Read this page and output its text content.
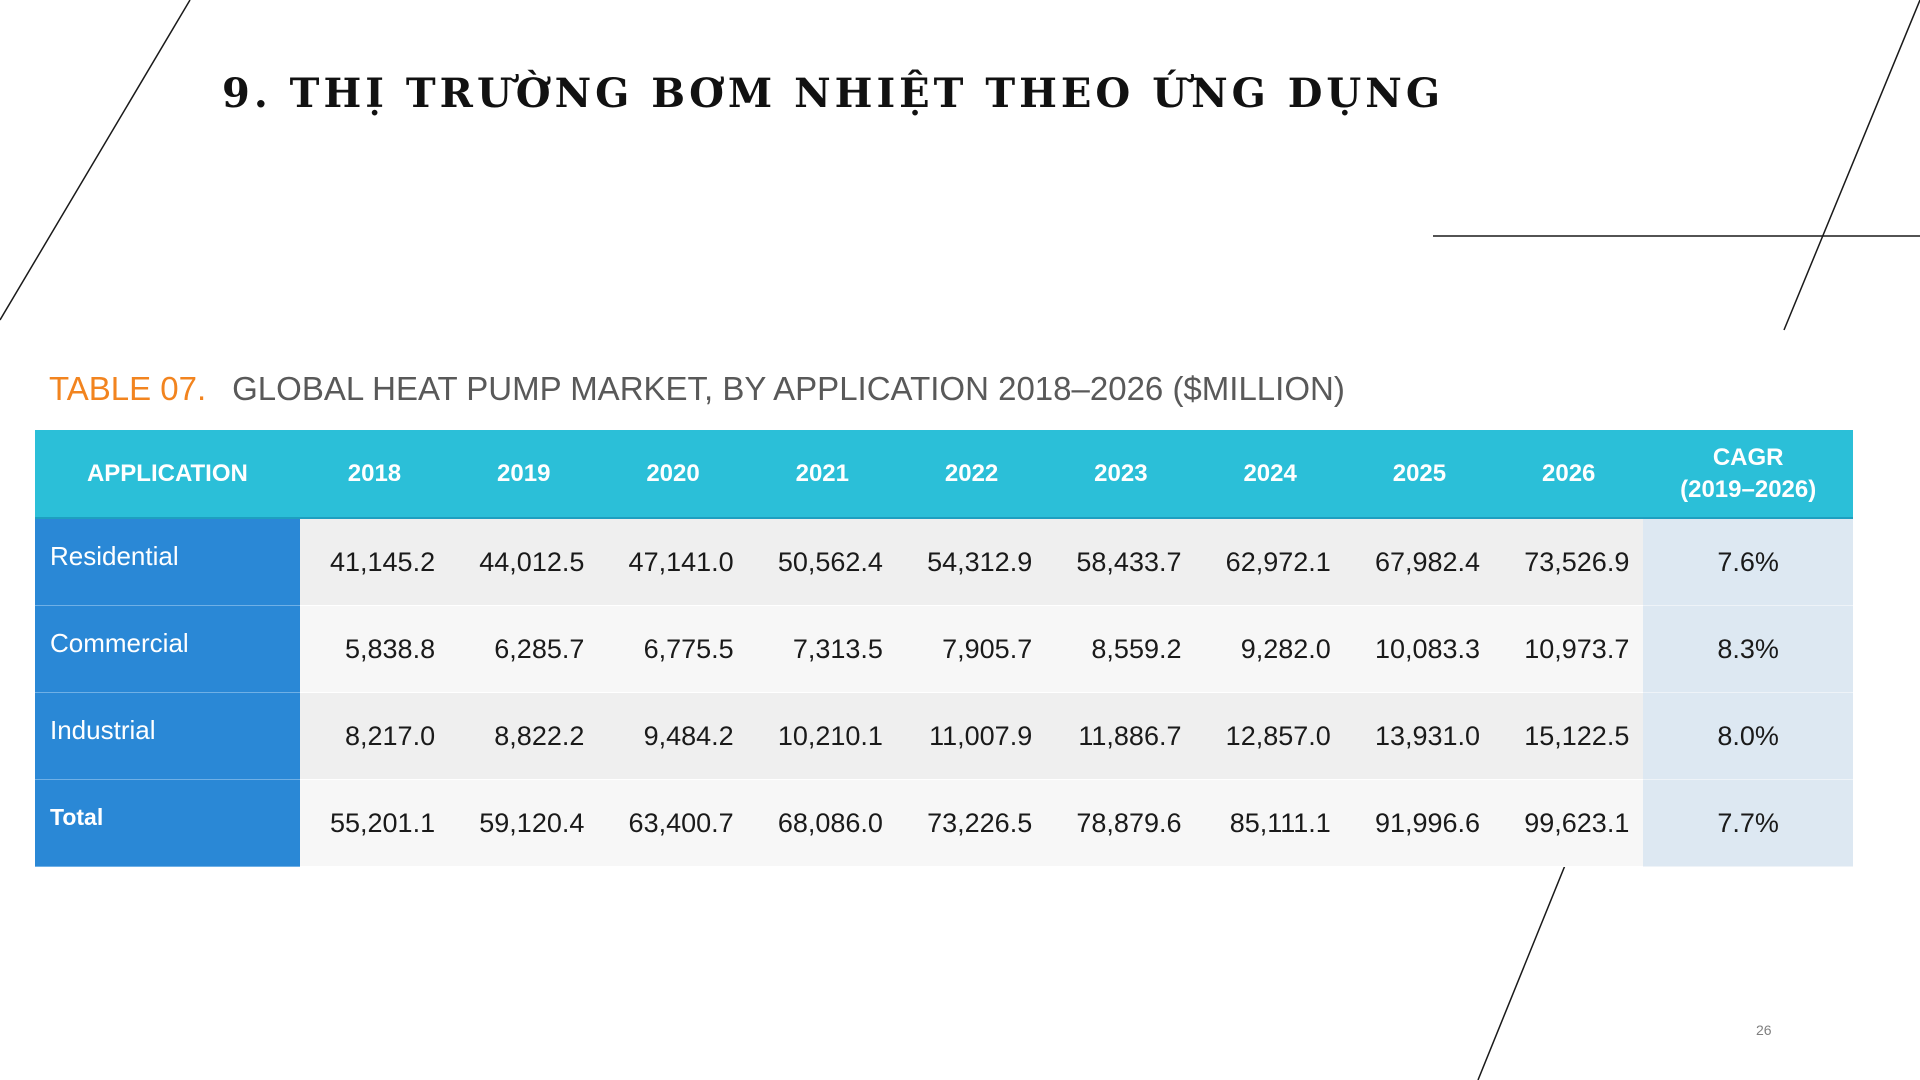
9. THỊ TRƯỜNG BƠM NHIỆT THEO ỨNG DỤNG
TABLE 07. GLOBAL HEAT PUMP MARKET, BY APPLICATION 2018–2026 ($MILLION)
APPLICATION	2018	2019	2020	2021	2022	2023	2024	2025	2026	CAGR
(2019–2026)
Residential	41,145.2	44,012.5	47,141.0	50,562.4	54,312.9	58,433.7	62,972.1	67,982.4	73,526.9	7.6%
Commercial	5,838.8	6,285.7	6,775.5	7,313.5	7,905.7	8,559.2	9,282.0	10,083.3	10,973.7	8.3%
Industrial	8,217.0	8,822.2	9,484.2	10,210.1	11,007.9	11,886.7	12,857.0	13,931.0	15,122.5	8.0%
Total	55,201.1	59,120.4	63,400.7	68,086.0	73,226.5	78,879.6	85,111.1	91,996.6	99,623.1	7.7%
26
